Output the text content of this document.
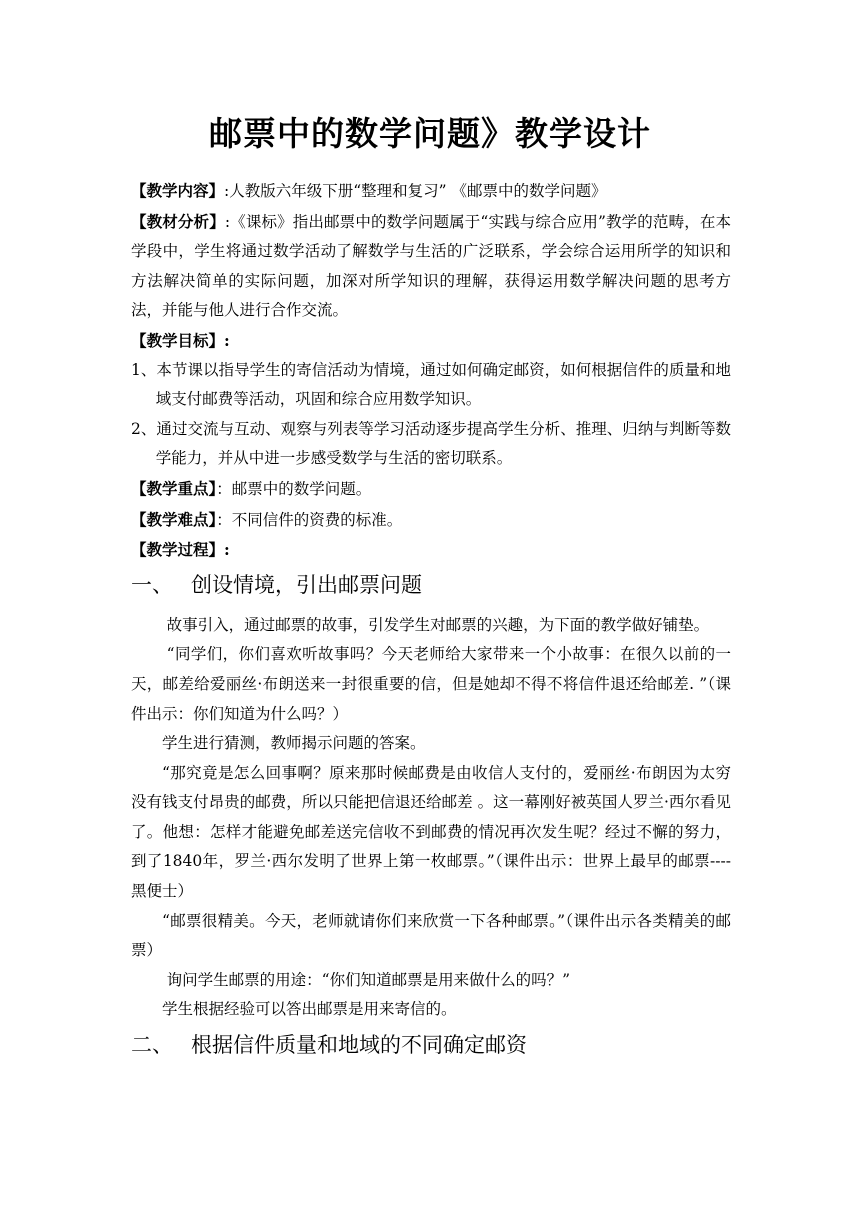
邮票中的数学问题》教学设计

【教学内容】:人教版六年级下册“整理和复习” 《邮票中的数学问题》

【教材分析】:《课标》指出邮票中的数学问题属于“实践与综合应用”教学的范畴，在本学段中，学生将通过数学活动了解数学与生活的广泛联系，学会综合运用所学的知识和方法解决简单的实际问题，加深对所学知识的理解，获得运用数学解决问题的思考方法，并能与他人进行合作交流。

【教学目标】:

1、本节课以指导学生的寄信活动为情境，通过如何确定邮资，如何根据信件的质量和地域支付邮费等活动，巩固和综合应用数学知识。

2、通过交流与互动、观察与列表等学习活动逐步提高学生分析、推理、归纳与判断等数学能力，并从中进一步感受数学与生活的密切联系。

【教学重点】：邮票中的数学问题。

【教学难点】：不同信件的资费的标准。

【教学过程】:

一、 创设情境，引出邮票问题

故事引入，通过邮票的故事，引发学生对邮票的兴趣，为下面的教学做好铺垫。

“同学们，你们喜欢听故事吗？今天老师给大家带来一个小故事：在很久以前的一天，邮差给爱丽丝·布朗送来一封很重要的信，但是她却不得不将信件退还给邮差. ”（课件出示：你们知道为什么吗？）

学生进行猜测，教师揭示问题的答案。

“那究竟是怎么回事啊？原来那时候邮费是由收信人支付的，爱丽丝·布朗因为太穷没有钱支付昂贵的邮费，所以只能把信退还给邮差 。这一幕刚好被英国人罗兰·西尔看见了。他想：怎样才能避免邮差送完信收不到邮费的情况再次发生呢？经过不懈的努力，到了1840年，罗兰·西尔发明了世界上第一枚邮票。”（课件出示：世界上最早的邮票----黑便士）

“邮票很精美。今天，老师就请你们来欣赏一下各种邮票。”（课件出示各类精美的邮票）

询问学生邮票的用途：“你们知道邮票是用来做什么的吗？”

学生根据经验可以答出邮票是用来寄信的。

二、 根据信件质量和地域的不同确定邮资
